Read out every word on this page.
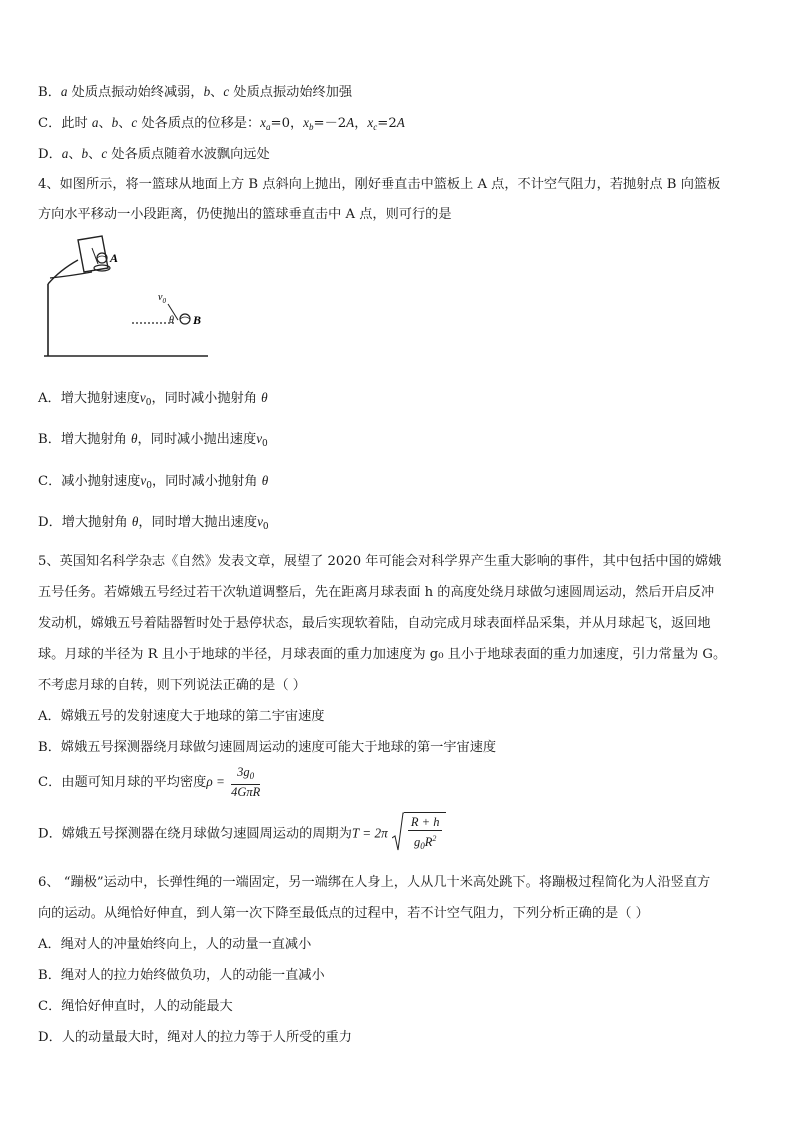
B．a 处质点振动始终减弱，b、c 处质点振动始终加强
C．此时 a、b、c 处各质点的位移是：$x_a=0$，$x_b=-2A$，$x_c=2A$
D．a、b、c 处各质点随着水波飘向远处
4、如图所示，将一篮球从地面上方 B 点斜向上抛出，刚好垂直击中篮板上 A 点，不计空气阻力，若抛射点 B 向篮板
方向水平移动一小段距离，仍使抛出的篮球垂直击中 A 点，则可行的是
A
$v_0$
θ B
A．增大抛射速度$v_0$，同时减小抛射角 θ
B．增大抛射角 θ，同时减小抛出速度$v_0$
C．减小抛射速度$v_0$，同时减小抛射角 θ
D．增大抛射角 θ，同时增大抛出速度$v_0$
5、英国知名科学杂志《自然》发表文章，展望了 2020 年可能会对科学界产生重大影响的事件，其中包括中国的嫦娥
五号任务。若嫦娥五号经过若干次轨道调整后，先在距离月球表面 h 的高度处绕月球做匀速圆周运动，然后开启反冲
发动机，嫦娥五号着陆器暂时处于悬停状态，最后实现软着陆，自动完成月球表面样品采集，并从月球起飞，返回地
球。月球的半径为 R 且小于地球的半径，月球表面的重力加速度为 g₀ 且小于地球表面的重力加速度，引力常量为 G。
不考虑月球的自转，则下列说法正确的是（ ）
A．嫦娥五号的发射速度大于地球的第二宇宙速度
B．嫦娥五号探测器绕月球做匀速圆周运动的速度可能大于地球的第一宇宙速度
C．由题可知月球的平均密度$\rho = \frac{3g_0}{\text{4GπR}}$
D．嫦娥五号探测器在绕月球做匀速圆周运动的周期为$T = 2\pi \frac{R + h}{g_0R^2}$
6、 “蹦极”运动中，长弹性绳的一端固定，另一端绑在人身上，人从几十米高处跳下。将蹦极过程简化为人沿竖直方
向的运动。从绳恰好伸直，到人第一次下降至最低点的过程中，若不计空气阻力，下列分析正确的是（ ）
A．绳对人的冲量始终向上，人的动量一直减小
B．绳对人的拉力始终做负功，人的动能一直减小
C．绳恰好伸直时，人的动能最大
D．人的动量最大时，绳对人的拉力等于人所受的重力
